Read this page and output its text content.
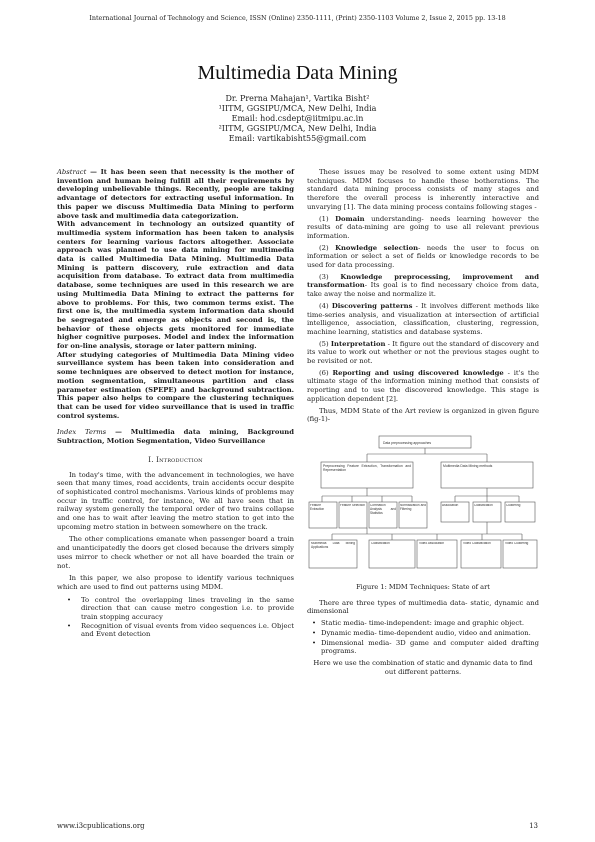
International Journal of Technology and Science, ISSN (Online) 2350-1111, (Print) 2350-1103 Volume 2, Issue 2, 2015 pp. 13-18
Multimedia Data Mining
Dr. Prerna Mahajan¹, Vartika Bisht²
¹IITM, GGSIPU/MCA, New Delhi, India
Email: hod.csdept@iitmipu.ac.in
²IITM, GGSIPU/MCA, New Delhi, India
Email: vartikabisht55@gmail.com

Abstract — It has been seen that necessity is the mother of invention and human being fulfill all their requirements by developing unbelievable things. Recently, people are taking advantage of detectors for extracting useful information. In this paper we discuss Multimedia Data Mining to perform above task and multimedia data categorization.

With advancement in technology an outsized quantity of multimedia system information has been taken to analysis centers for learning various factors altogether. Associate approach was planned to use data mining for multimedia data is called Multimedia Data Mining. Multimedia Data Mining is pattern discovery, rule extraction and data acquisition from database. To extract data from multimedia database, some techniques are used in this research we are using Multimedia Data Mining to extract the patterns for above to problems. For this, two common terms exist. The first one is, the multimedia system information data should be segregated and emerge as objects and second is, the behavior of these objects gets monitored for immediate higher cognitive purposes. Model and index the information for on-line analysis, storage or later pattern mining.

After studying categories of Multimedia Data Mining video surveillance system has been taken into consideration and some techniques are observed to detect motion for instance, motion segmentation, simultaneous partition and class parameter estimation (SPEPE) and background subtraction. This paper also helps to compare the clustering techniques that can be used for video surveillance that is used in traffic control systems.

Index Terms — Multimedia data mining, Background Subtraction, Motion Segmentation, Video Surveillance
I. Introduction

In today's time, with the advancement in technologies, we have seen that many times, road accidents, train accidents occur despite of sophisticated control mechanisms. Various kinds of problems may occur in traffic control, for instance, We all have seen that in railway system generally the temporal order of two trains collapse and one has to wait after leaving the metro station to get into the upcoming metro station in between somewhere on the track.

The other complications emanate when passenger board a train and unanticipatedly the doors get closed because the drivers simply uses mirror to check whether or not all have boarded the train or not.

In this paper, we also propose to identify various techniques which are used to find out patterns using MDM.

•	To control the overlapping lines traveling in the same direction that can cause metro congestion i.e. to provide train stopping accuracy
•	Recognition of visual events from video sequences i.e. Object and Event detection

These issues may be resolved to some extent using MDM techniques. MDM focuses to handle these botherations. The standard data mining process consists of many stages and therefore the overall process is inherently interactive and unvarying [1]. The data mining process contains following stages -

(1) Domain understanding- needs learning however the results of data-mining are going to use all relevant previous information.

(2) Knowledge selection- needs the user to focus on information or select a set of fields or knowledge records to be used for data processing.

(3) Knowledge preprocessing, improvement and transformation- Its goal is to find necessary choice from data, take away the noise and normalize it.

(4) Discovering patterns - It involves different methods like time-series analysis, and visualization at intersection of artificial intelligence, association, classification, clustering, regression, machine learning, statistics and database systems.

(5) Interpretation - It figure out the standard of discovery and its value to work out whether or not the previous stages ought to be revisited or not.

(6) Reporting and using discovered knowledge - it's the ultimate stage of the information mining method that consists of reporting and to use the discovered knowledge. This stage is application dependent [2].

Thus, MDM State of the Art review is organized in given figure (fig-1)-

Data preprocessing approaches
Preprocessing Feature Extraction, Transformation and Representation
Multimedia Data Mining methods
Feature Extraction
Feature Selection	Correlation Analysis and Statistics
Normalization and Filtering
Association	Classification	Clustering
Multimedia Data Mining Applications
Classification	Video Association	Video Classification	Video Clustering
Figure 1: MDM Techniques: State of art

There are three types of multimedia data- static, dynamic and dimensional

• Static media- time-independent: image and graphic object.
• Dynamic media- time-dependent audio, video and animation.
• Dimensional media- 3D game and computer aided drafting programs.

Here we use the combination of static and dynamic data to find out different patterns.

www.i3cpublications.org	13
